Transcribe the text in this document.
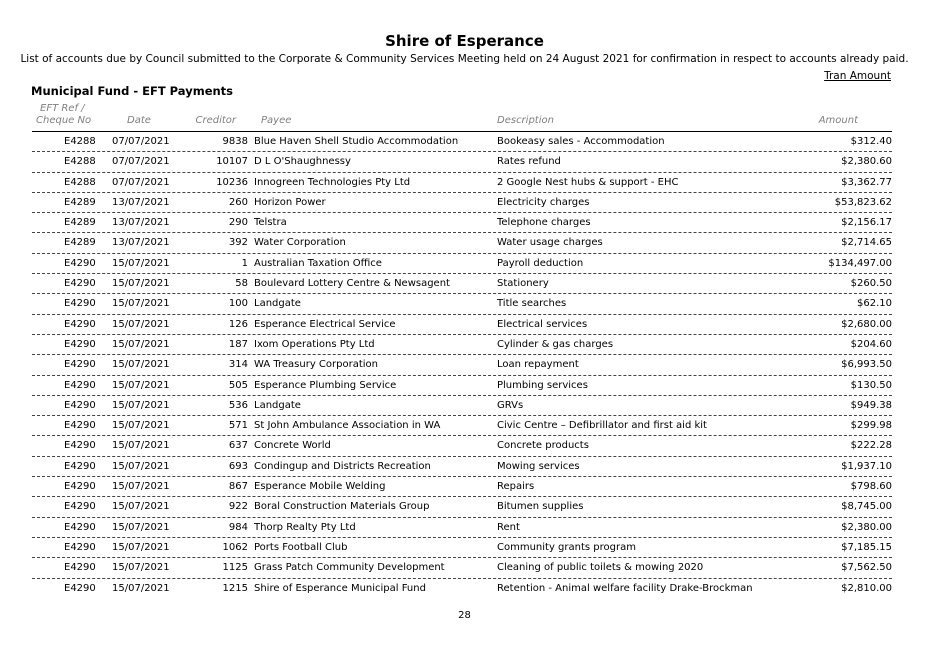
Shire of Esperance
List of accounts due by Council submitted to the Corporate & Community Services Meeting held on 24 August 2021 for confirmation in respect to accounts already paid.
Tran Amount
Municipal Fund - EFT Payments
EFT Ref /
Cheque No	Date	Creditor	Payee	Description	Amount
E4288 07/07/2021	9838 Blue Haven Shell Studio Accommodation	Bookeasy sales - Accommodation	$312.40
E4288 07/07/2021	10107 D L O'Shaughnessy	Rates refund	$2,380.60
E4288 07/07/2021	10236 Innogreen Technologies Pty Ltd	2 Google Nest hubs & support - EHC	$3,362.77
E4289 13/07/2021	260 Horizon Power	Electricity charges	$53,823.62
E4289 13/07/2021	290 Telstra	Telephone charges	$2,156.17
E4289 13/07/2021	392 Water Corporation	Water usage charges	$2,714.65
E4290 15/07/2021	1 Australian Taxation Office	Payroll deduction	$134,497.00
E4290 15/07/2021	58 Boulevard Lottery Centre & Newsagent	Stationery	$260.50
E4290 15/07/2021	100 Landgate	Title searches	$62.10
E4290 15/07/2021	126 Esperance Electrical Service	Electrical services	$2,680.00
E4290 15/07/2021	187 Ixom Operations Pty Ltd	Cylinder & gas charges	$204.60
E4290 15/07/2021	314 WA Treasury Corporation	Loan repayment	$6,993.50
E4290 15/07/2021	505 Esperance Plumbing Service	Plumbing services	$130.50
E4290 15/07/2021	536 Landgate	GRVs	$949.38
E4290 15/07/2021	571 St John Ambulance Association in WA	Civic Centre – Defibrillator and first aid kit	$299.98
E4290 15/07/2021	637 Concrete World	Concrete products	$222.28
E4290 15/07/2021	693 Condingup and Districts Recreation	Mowing services	$1,937.10
E4290 15/07/2021	867 Esperance Mobile Welding	Repairs	$798.60
E4290 15/07/2021	922 Boral Construction Materials Group	Bitumen supplies	$8,745.00
E4290 15/07/2021	984 Thorp Realty Pty Ltd	Rent	$2,380.00
E4290 15/07/2021	1062 Ports Football Club	Community grants program	$7,185.15
E4290 15/07/2021	1125 Grass Patch Community Development	Cleaning of public toilets & mowing 2020	$7,562.50
E4290 15/07/2021	1215 Shire of Esperance Municipal Fund	Retention - Animal welfare facility Drake-Brockman	$2,810.00
28
